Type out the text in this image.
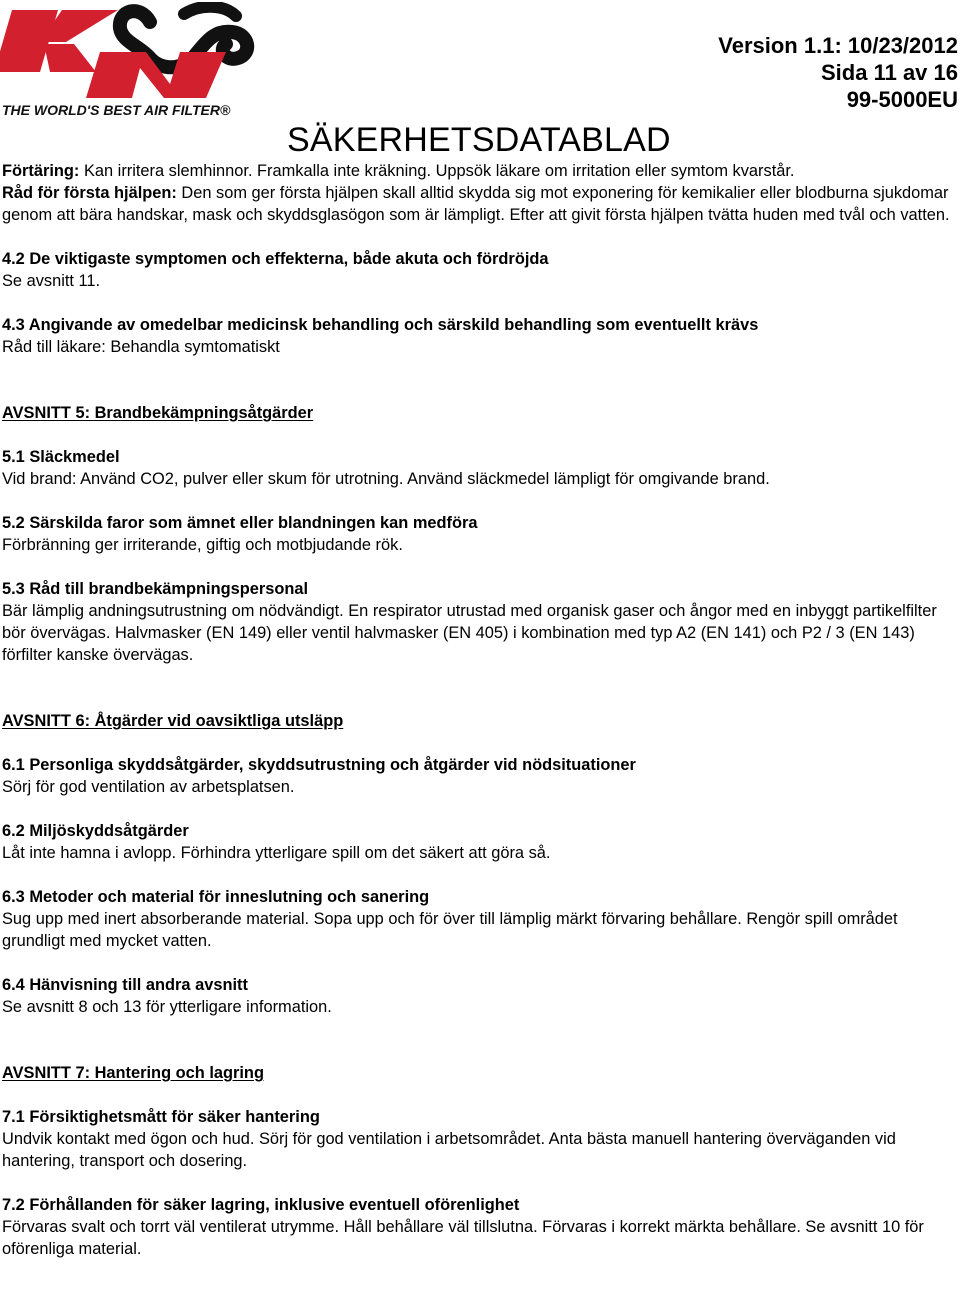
THE WORLD'S BEST AIR FILTER®
Version 1.1: 10/23/2012
Sida 11 av 16
99-5000EU
SÄKERHETSDATABLAD

Förtäring: Kan irritera slemhinnor. Framkalla inte kräkning. Uppsök läkare om irritation eller symtom kvarstår.

Råd för första hjälpen: Den som ger första hjälpen skall alltid skydda sig mot exponering för kemikalier eller blodburna sjukdomar genom att bära handskar, mask och skyddsglasögon som är lämpligt. Efter att givit första hjälpen tvätta huden med tvål och vatten.

4.2 De viktigaste symptomen och effekterna, både akuta och fördröjda

Se avsnitt 11.

4.3 Angivande av omedelbar medicinsk behandling och särskild behandling som eventuellt krävs

Råd till läkare: Behandla symtomatiskt

AVSNITT 5: Brandbekämpningsåtgärder

5.1 Släckmedel

Vid brand: Använd CO2, pulver eller skum för utrotning. Använd släckmedel lämpligt för omgivande brand.

5.2 Särskilda faror som ämnet eller blandningen kan medföra

Förbränning ger irriterande, giftig och motbjudande rök.

5.3 Råd till brandbekämpningspersonal

Bär lämplig andningsutrustning om nödvändigt. En respirator utrustad med organisk gaser och ångor med en inbyggt partikelfilter bör övervägas. Halvmasker (EN 149) eller ventil halvmasker (EN 405) i kombination med typ A2 (EN 141) och P2 / 3 (EN 143) förfilter kanske övervägas.

AVSNITT 6: Åtgärder vid oavsiktliga utsläpp

6.1 Personliga skyddsåtgärder, skyddsutrustning och åtgärder vid nödsituationer

Sörj för god ventilation av arbetsplatsen.

6.2 Miljöskyddsåtgärder

Låt inte hamna i avlopp. Förhindra ytterligare spill om det säkert att göra så.

6.3 Metoder och material för inneslutning och sanering

Sug upp med inert absorberande material. Sopa upp och för över till lämplig märkt förvaring behållare. Rengör spill området grundligt med mycket vatten.

6.4 Hänvisning till andra avsnitt

Se avsnitt 8 och 13 för ytterligare information.

AVSNITT 7: Hantering och lagring

7.1 Försiktighetsmått för säker hantering

Undvik kontakt med ögon och hud. Sörj för god ventilation i arbetsområdet. Anta bästa manuell hantering överväganden vid hantering, transport och dosering.

7.2 Förhållanden för säker lagring, inklusive eventuell oförenlighet

Förvaras svalt och torrt väl ventilerat utrymme. Håll behållare väl tillslutna. Förvaras i korrekt märkta behållare. Se avsnitt 10 för oförenliga material.
